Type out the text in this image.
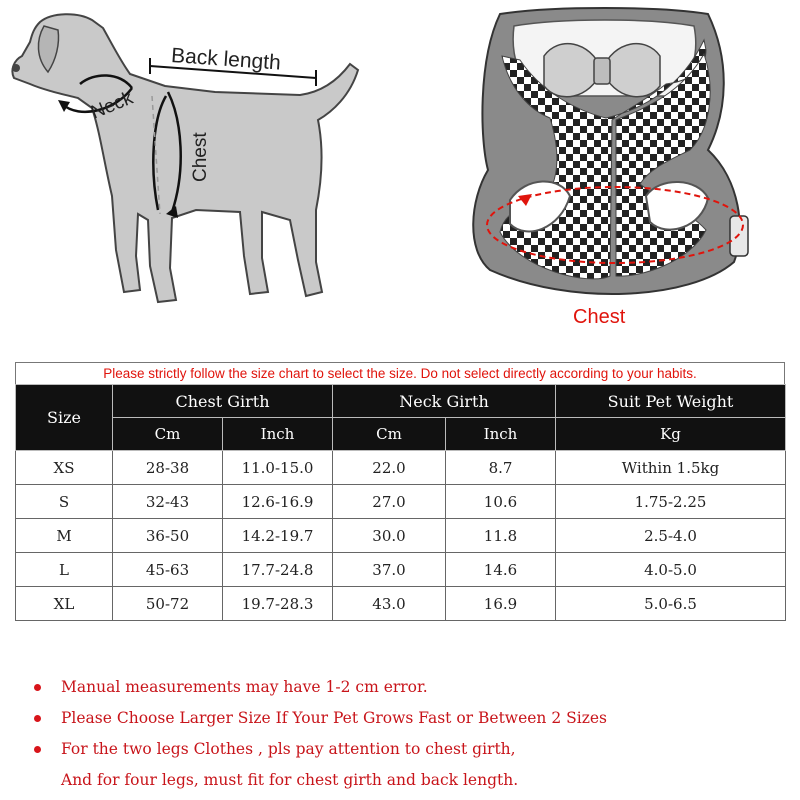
Back length
Neck
Chest
Chest
Please strictly follow the size chart to select the size. Do not select directly according to your habits.
Size	Chest Girth		Neck Girth		Suit Pet Weight
	Cm	Inch	Cm	Inch	Kg
XS	28-38	11.0-15.0	22.0	8.7	Within 1.5kg
S	32-43	12.6-16.9	27.0	10.6	1.75-2.25
M	36-50	14.2-19.7	30.0	11.8	2.5-4.0
L	45-63	17.7-24.8	37.0	14.6	4.0-5.0
XL	50-72	19.7-28.3	43.0	16.9	5.0-6.5
Manual measurements may have 1-2 cm error.
Please Choose Larger Size If Your Pet Grows Fast or Between 2 Sizes
For the two legs Clothes , pls pay attention to chest girth,
And for four legs, must fit for chest girth and back length.
